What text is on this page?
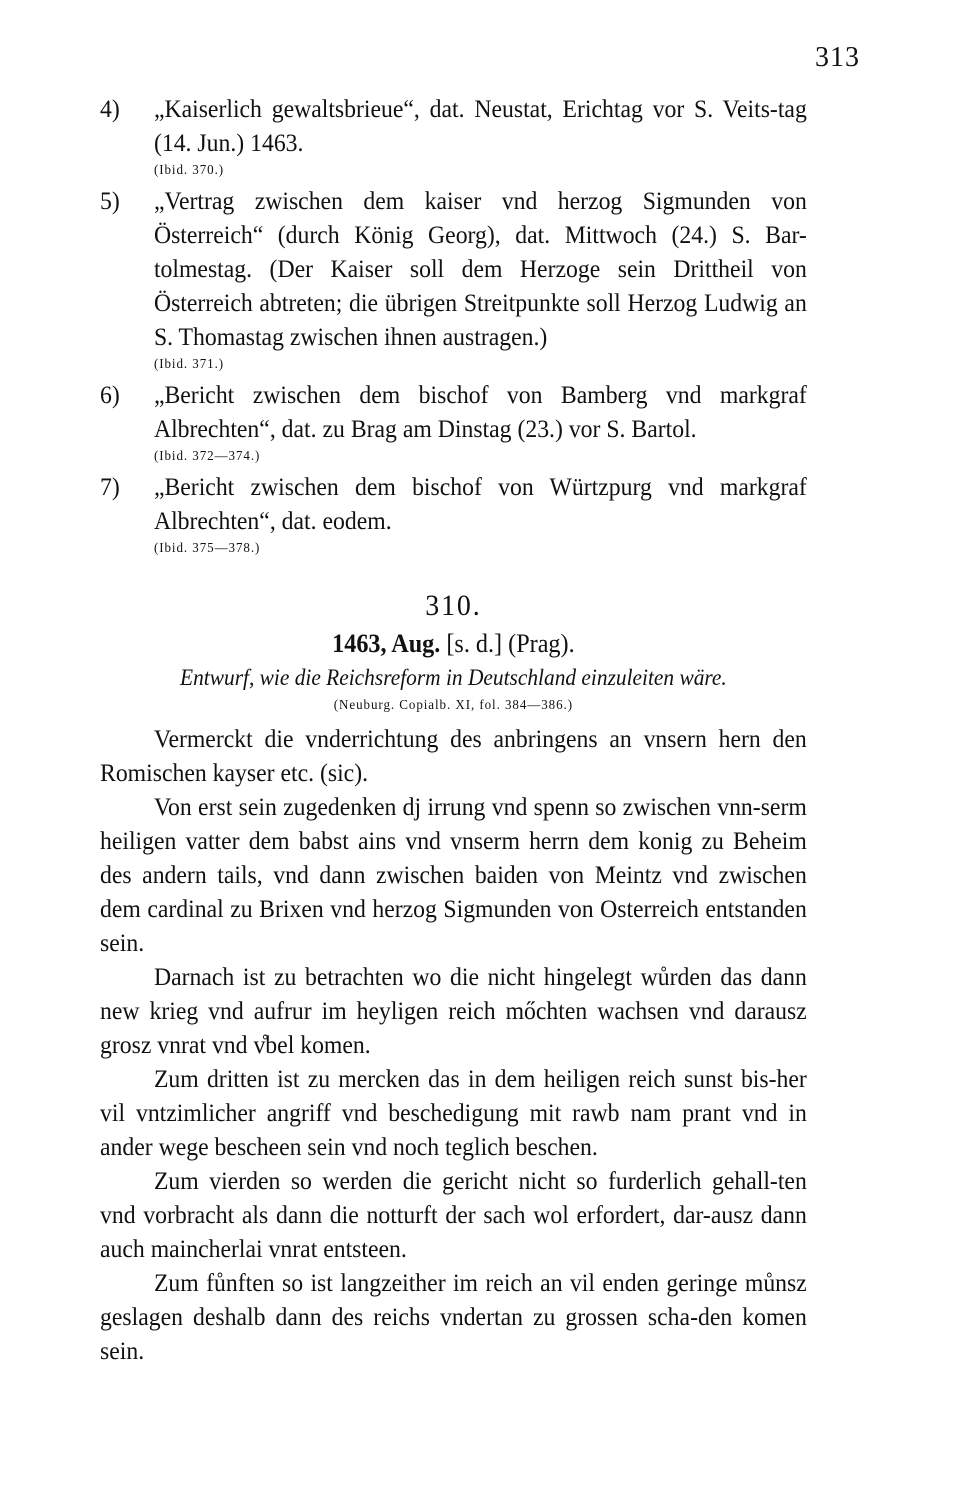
313

4) „Kaiserlich gewaltsbrieue“, dat. Neustat, Erichtag vor S. Veits-tag (14. Jun.) 1463.

(Ibid. 370.)

5) „Vertrag zwischen dem kaiser vnd herzog Sigmunden von Österreich“ (durch König Georg), dat. Mittwoch (24.) S. Bar-tolmestag. (Der Kaiser soll dem Herzoge sein Drittheil von Österreich abtreten; die übrigen Streitpunkte soll Herzog Ludwig an S. Thomastag zwischen ihnen austragen.)

(Ibid. 371.)

6) „Bericht zwischen dem bischof von Bamberg vnd markgraf Albrechten“, dat. zu Brag am Dinstag (23.) vor S. Bartol.

(Ibid. 372—374.)

7) „Bericht zwischen dem bischof von Würtzpurg vnd markgraf Albrechten“, dat. eodem.

(Ibid. 375—378.)
310.
1463, Aug. [s. d.] (Prag).
Entwurf, wie die Reichsreform in Deutschland einzuleiten wäre.
(Neuburg. Copialb. XI, fol. 384—386.)

Vermerckt die vnderrichtung des anbringens an vnsern hern den Romischen kayser etc. (sic).

Von erst sein zugedenken dj irrung vnd spenn so zwischen vnn-serm heiligen vatter dem babst ains vnd vnserm herrn dem konig zu Beheim des andern tails, vnd dann zwischen baiden von Meintz vnd zwischen dem cardinal zu Brixen vnd herzog Sigmunden von Osterreich entstanden sein.

Darnach ist zu betrachten wo die nicht hingelegt wůrden das dann new krieg vnd aufrur im heyligen reich mőchten wachsen vnd darausz grosz vnrat vnd v̊bel komen.

Zum dritten ist zu mercken das in dem heiligen reich sunst bis-her vil vntzimlicher angriff vnd beschedigung mit rawb nam prant vnd in ander wege bescheen sein vnd noch teglich beschen.

Zum vierden so werden die gericht nicht so furderlich gehall-ten vnd vorbracht als dann die notturft der sach wol erfordert, dar-ausz dann auch maincherlai vnrat entsteen.

Zum fůnften so ist langzeither im reich an vil enden geringe můnsz geslagen deshalb dann des reichs vndertan zu grossen scha-den komen sein.
